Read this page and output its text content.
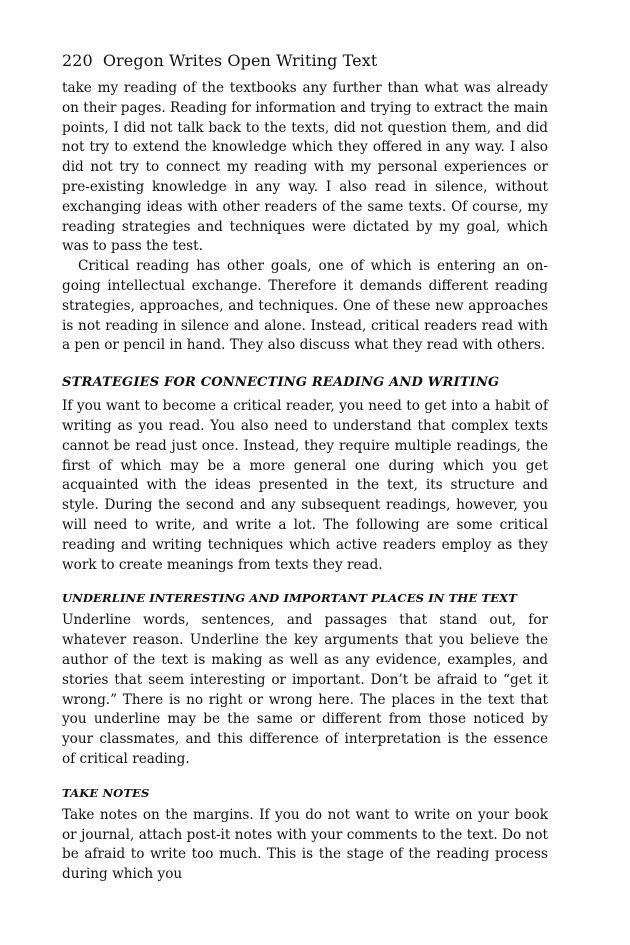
220 Oregon Writes Open Writing Text

take my reading of the textbooks any further than what was already on their pages. Reading for information and trying to extract the main points, I did not talk back to the texts, did not question them, and did not try to extend the knowledge which they offered in any way. I also did not try to connect my reading with my personal experiences or pre-existing knowledge in any way. I also read in silence, without exchanging ideas with other readers of the same texts. Of course, my reading strategies and techniques were dictated by my goal, which was to pass the test.

Critical reading has other goals, one of which is entering an on-going intellectual exchange. Therefore it demands different reading strategies, approaches, and techniques. One of these new approaches is not reading in silence and alone. Instead, critical readers read with a pen or pencil in hand. They also discuss what they read with others.

STRATEGIES FOR CONNECTING READING AND WRITING

If you want to become a critical reader, you need to get into a habit of writing as you read. You also need to understand that complex texts cannot be read just once. Instead, they require multiple readings, the first of which may be a more general one during which you get acquainted with the ideas presented in the text, its structure and style. During the second and any subsequent readings, however, you will need to write, and write a lot. The following are some critical reading and writing techniques which active readers employ as they work to create meanings from texts they read.

UNDERLINE INTERESTING AND IMPORTANT PLACES IN THE TEXT

Underline words, sentences, and passages that stand out, for whatever reason. Underline the key arguments that you believe the author of the text is making as well as any evidence, examples, and stories that seem interesting or important. Don’t be afraid to “get it wrong.” There is no right or wrong here. The places in the text that you underline may be the same or different from those noticed by your classmates, and this difference of interpretation is the essence of critical reading.

TAKE NOTES

Take notes on the margins. If you do not want to write on your book or journal, attach post-it notes with your comments to the text. Do not be afraid to write too much. This is the stage of the reading process during which you
